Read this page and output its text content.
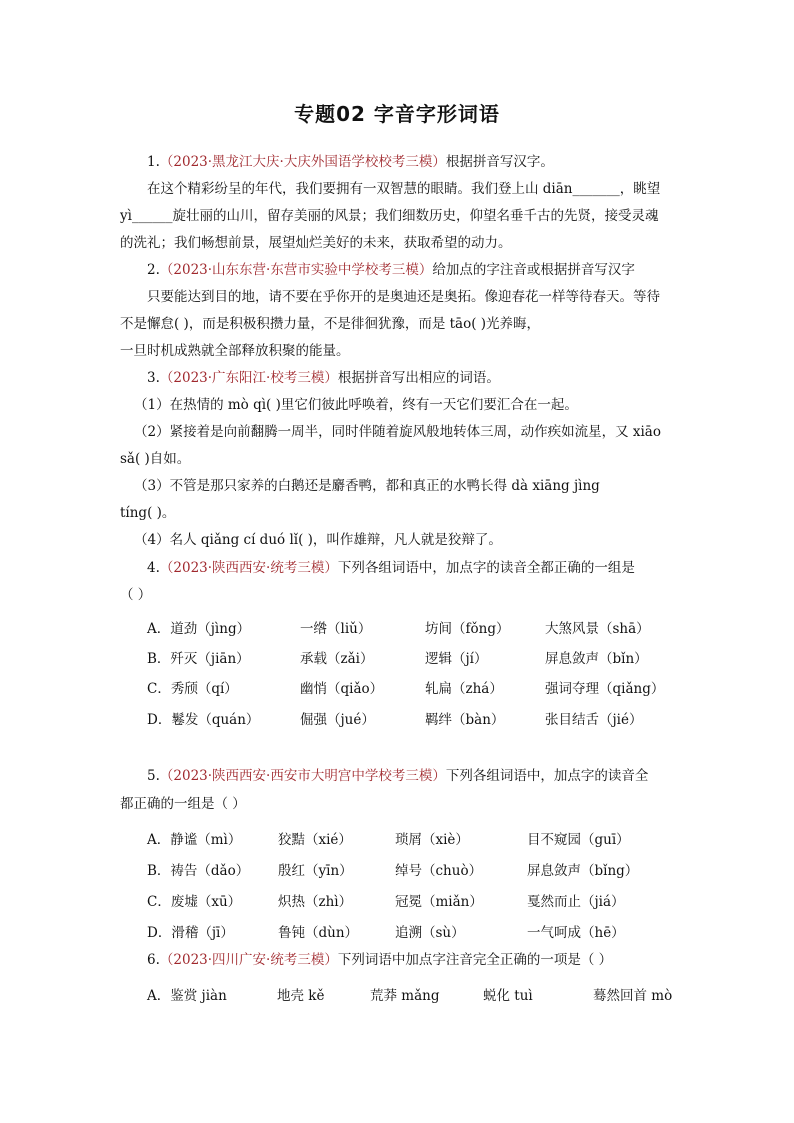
专题02 字音字形词语
1.（2023·黑龙江大庆·大庆外国语学校校考三模）根据拼音写汉字。
在这个精彩纷呈的年代，我们要拥有一双智慧的眼睛。我们登上山 diān_______，眺望
yì______旋壮丽的山川，留存美丽的风景；我们细数历史，仰望名垂千古的先贤，接受灵魂
的洗礼；我们畅想前景，展望灿烂美好的未来，获取希望的动力。
2.（2023·山东东营·东营市实验中学校考三模）给加点的字注音或根据拼音写汉字
只要能达到目的地，请不要在乎你开的是奥迪还是奥拓。像迎春花一样等待春天。等待
不是懈怠( )，而是积极积攒力量，不是徘徊犹豫，而是 tāo( )光养晦，
一旦时机成熟就全部释放积聚的能量。
3.（2023·广东阳江·校考三模）根据拼音写出相应的词语。
（1）在热情的 mò qì( )里它们彼此呼唤着，终有一天它们要汇合在一起。
（2）紧接着是向前翻腾一周半，同时伴随着旋风般地转体三周，动作疾如流星，又 xiāo
sǎ( )自如。
（3）不管是那只家养的白鹅还是麝香鸭，都和真正的水鸭长得 dà xiāng jìng
tíng( )。
（4）名人 qiǎng cí duó lǐ( )，叫作雄辩，凡人就是狡辩了。
4.（2023·陕西西安·统考三模）下列各组词语中，加点字的读音全都正确的一组是
（ ）
A．道劲（jìng）	一绺（liǔ）	坊间（fǒng）	大煞风景（shā）
B．歼灭（jiān）	承载（zǎi）	逻辑（jí）	屏息敛声（bǐn）
C．秀颀（qí）	幽悄（qiǎo）	轧扁（zhá）	强词夺理（qiǎng）
D．鬈发（quán）	倔强（jué）	羁绊（bàn）	张目结舌（jié）
5.（2023·陕西西安·西安市大明宫中学校考三模）下列各组词语中，加点字的读音全
都正确的一组是（ ）
A．静谧（mì）	狡黠（xié）	琐屑（xiè）	目不窥园（guī）
B．祷告（dǎo） 殷红（yīn）	绰号（chuò）	屏息敛声（bǐng）
C．废墟（xū）	炽热（zhì）	冠冕（miǎn）	戛然而止（jiá）
D．滑稽（jī）	鲁钝（dùn）	追溯（sù）	一气呵成（hē）
6.（2023·四川广安·统考三模）下列词语中加点字注音完全正确的一项是（ ）
A．鉴赏 jiàn	地壳 kě	荒莽 mǎng	蜕化 tuì	蓦然回首 mò
